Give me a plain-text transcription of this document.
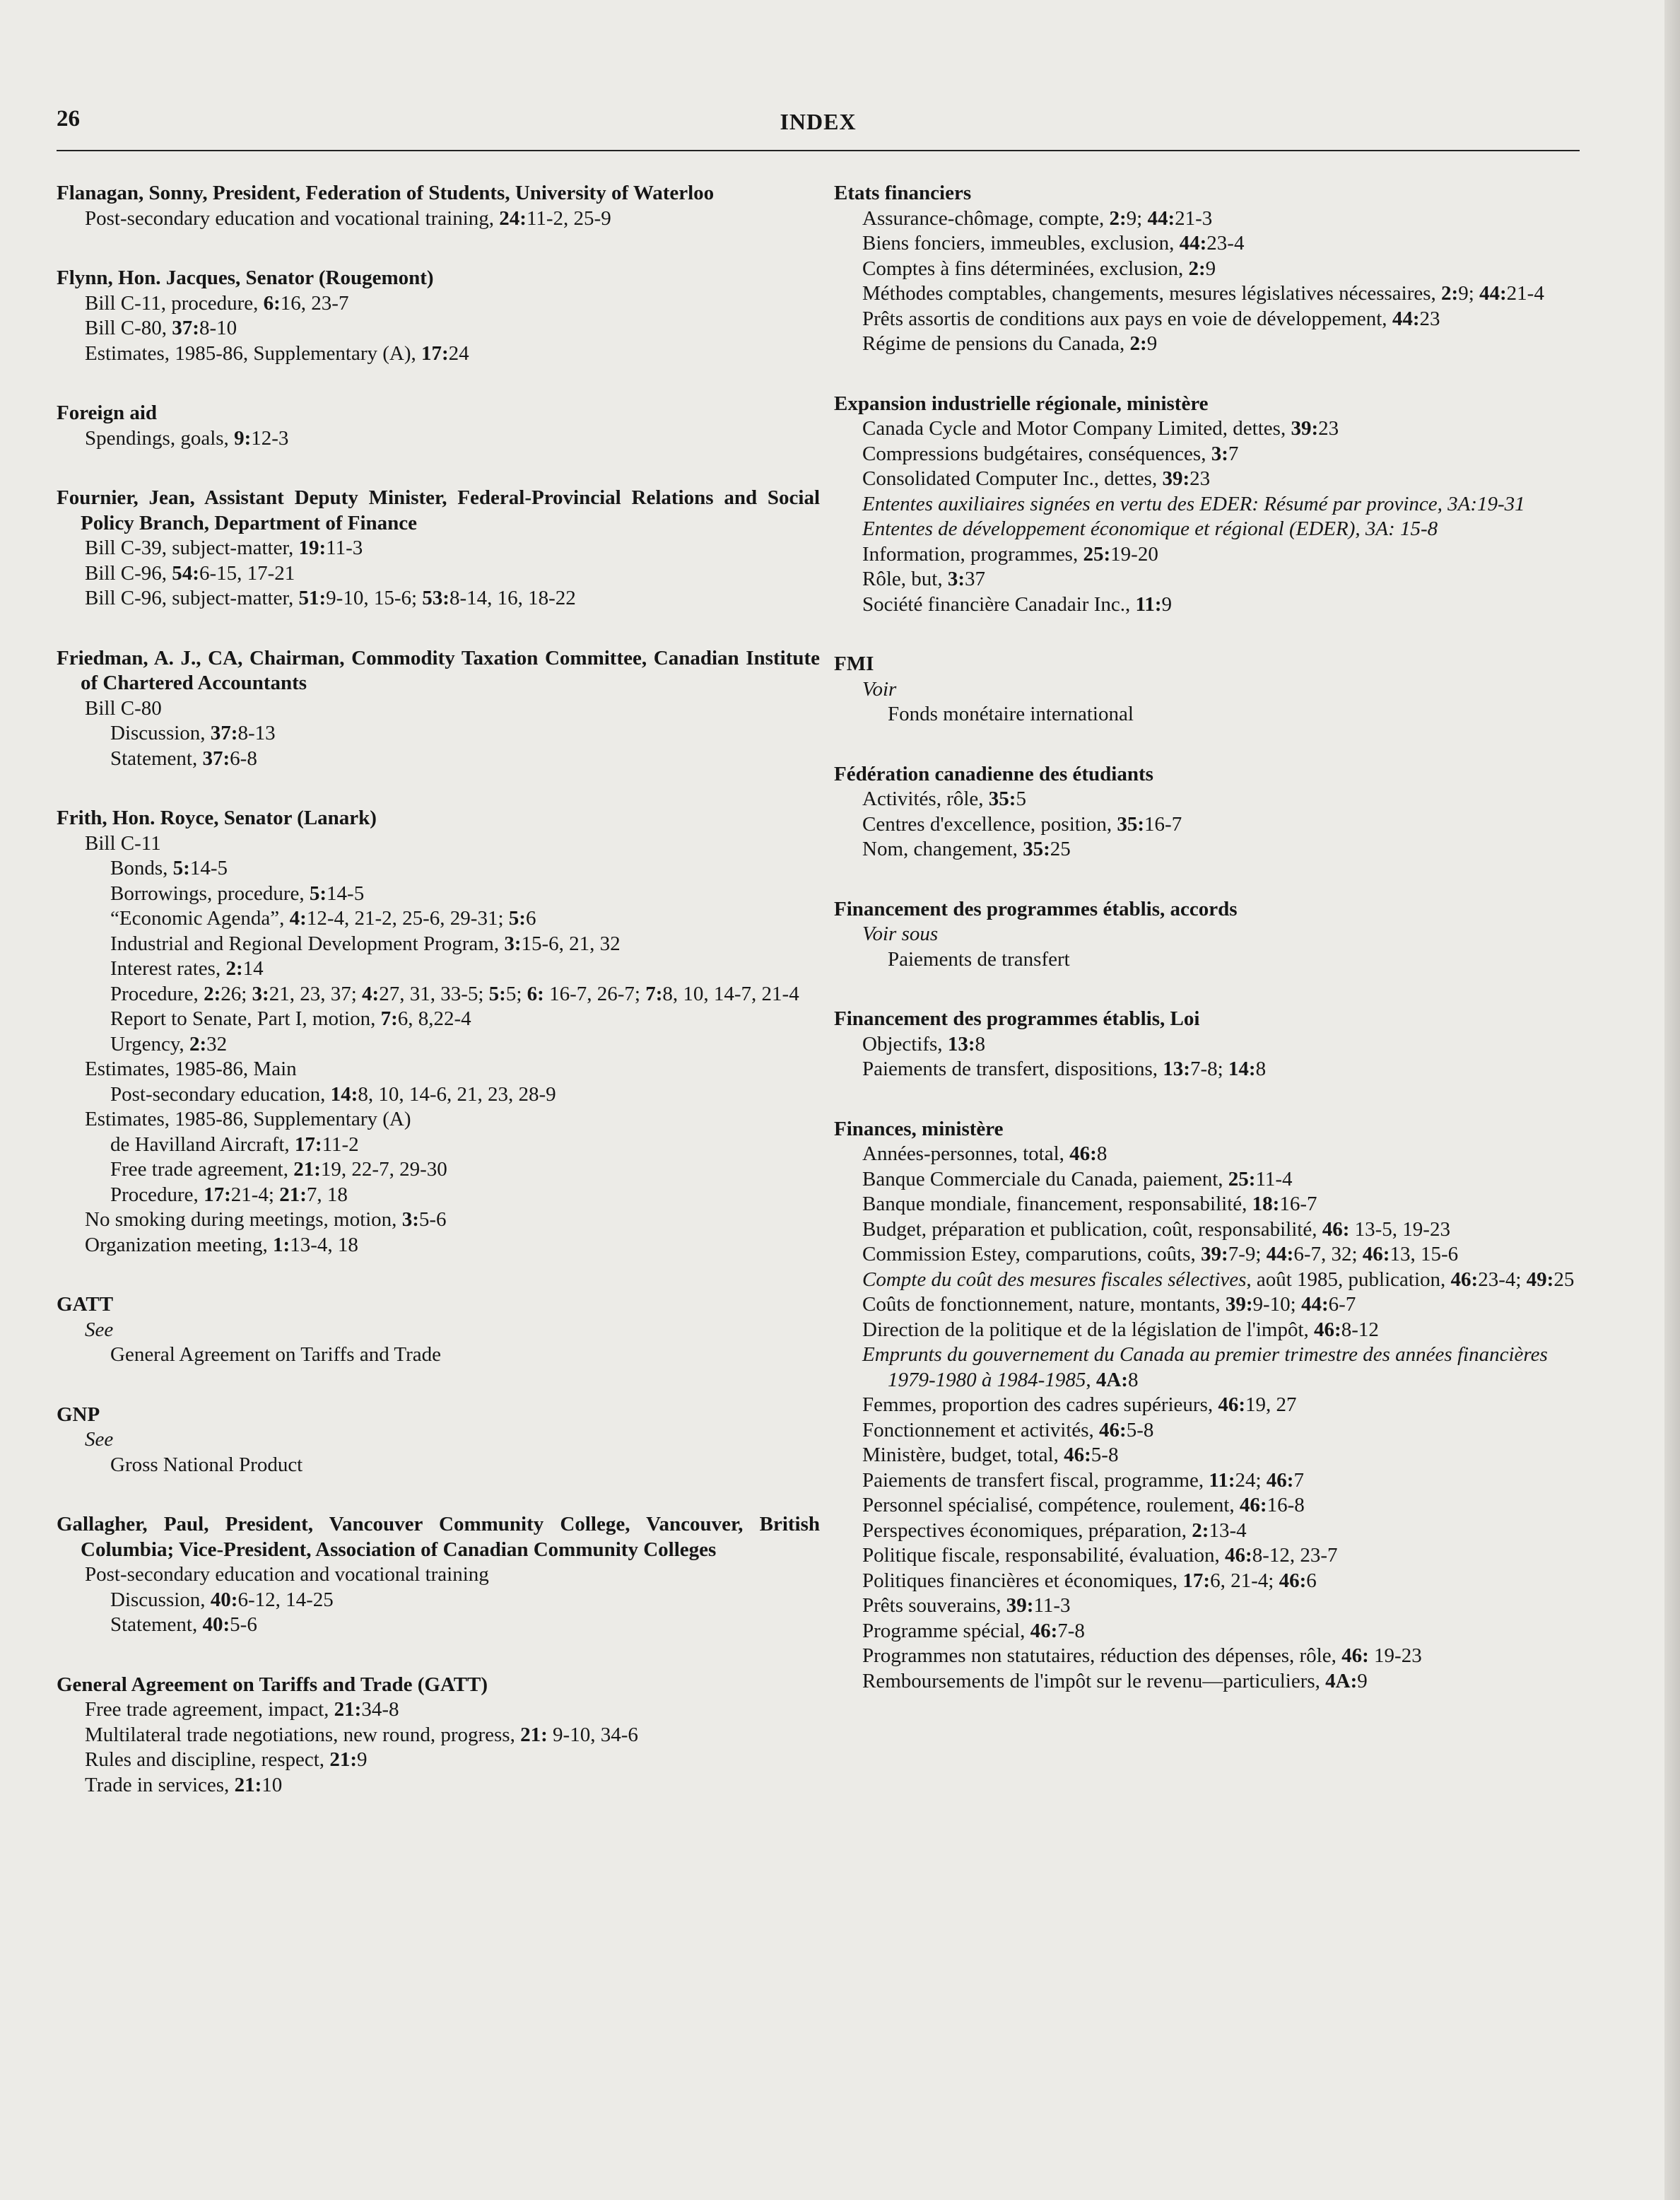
26	INDEX
Flanagan, Sonny, President, Federation of Students, University of Waterloo
Post-secondary education and vocational training, 24:11-2, 25-9
Flynn, Hon. Jacques, Senator (Rougemont)
Bill C-11, procedure, 6:16, 23-7
Bill C-80, 37:8-10
Estimates, 1985-86, Supplementary (A), 17:24
Foreign aid
Spendings, goals, 9:12-3
Fournier, Jean, Assistant Deputy Minister, Federal-Provincial Relations and Social Policy Branch, Department of Finance
Bill C-39, subject-matter, 19:11-3
Bill C-96, 54:6-15, 17-21
Bill C-96, subject-matter, 51:9-10, 15-6; 53:8-14, 16, 18-22
Friedman, A. J., CA, Chairman, Commodity Taxation Committee, Canadian Institute of Chartered Accountants
Bill C-80
Discussion, 37:8-13
Statement, 37:6-8
Frith, Hon. Royce, Senator (Lanark)
Bill C-11
Bonds, 5:14-5
Borrowings, procedure, 5:14-5
“Economic Agenda”, 4:12-4, 21-2, 25-6, 29-31; 5:6
Industrial and Regional Development Program, 3:15-6, 21, 32
Interest rates, 2:14
Procedure, 2:26; 3:21, 23, 37; 4:27, 31, 33-5; 5:5; 6: 16-7, 26-7; 7:8, 10, 14-7, 21-4
Report to Senate, Part I, motion, 7:6, 8,22-4
Urgency, 2:32
Estimates, 1985-86, Main
Post-secondary education, 14:8, 10, 14-6, 21, 23, 28-9
Estimates, 1985-86, Supplementary (A)
de Havilland Aircraft, 17:11-2
Free trade agreement, 21:19, 22-7, 29-30
Procedure, 17:21-4; 21:7, 18
No smoking during meetings, motion, 3:5-6
Organization meeting, 1:13-4, 18
GATT
See
General Agreement on Tariffs and Trade
GNP
See
Gross National Product
Gallagher, Paul, President, Vancouver Community College, Vancouver, British Columbia; Vice-President, Association of Canadian Community Colleges
Post-secondary education and vocational training
Discussion, 40:6-12, 14-25
Statement, 40:5-6
General Agreement on Tariffs and Trade (GATT)
Free trade agreement, impact, 21:34-8
Multilateral trade negotiations, new round, progress, 21: 9-10, 34-6
Rules and discipline, respect, 21:9
Trade in services, 21:10
Etats financiers
Assurance-chômage, compte, 2:9; 44:21-3
Biens fonciers, immeubles, exclusion, 44:23-4
Comptes à fins déterminées, exclusion, 2:9
Méthodes comptables, changements, mesures législatives nécessaires, 2:9; 44:21-4
Prêts assortis de conditions aux pays en voie de développement, 44:23
Régime de pensions du Canada, 2:9
Expansion industrielle régionale, ministère
Canada Cycle and Motor Company Limited, dettes, 39:23
Compressions budgétaires, conséquences, 3:7
Consolidated Computer Inc., dettes, 39:23
Ententes auxiliaires signées en vertu des EDER: Résumé par province, 3A:19-31
Ententes de développement économique et régional (EDER), 3A: 15-8
Information, programmes, 25:19-20
Rôle, but, 3:37
Société financière Canadair Inc., 11:9
FMI
Voir
Fonds monétaire international
Fédération canadienne des étudiants
Activités, rôle, 35:5
Centres d'excellence, position, 35:16-7
Nom, changement, 35:25
Financement des programmes établis, accords
Voir sous
Paiements de transfert
Financement des programmes établis, Loi
Objectifs, 13:8
Paiements de transfert, dispositions, 13:7-8; 14:8
Finances, ministère
Années-personnes, total, 46:8
Banque Commerciale du Canada, paiement, 25:11-4
Banque mondiale, financement, responsabilité, 18:16-7
Budget, préparation et publication, coût, responsabilité, 46: 13-5, 19-23
Commission Estey, comparutions, coûts, 39:7-9; 44:6-7, 32; 46:13, 15-6
Compte du coût des mesures fiscales sélectives, août 1985, publication, 46:23-4; 49:25
Coûts de fonctionnement, nature, montants, 39:9-10; 44:6-7
Direction de la politique et de la législation de l'impôt, 46:8-12
Emprunts du gouvernement du Canada au premier trimestre des années financières 1979-1980 à 1984-1985, 4A:8
Femmes, proportion des cadres supérieurs, 46:19, 27
Fonctionnement et activités, 46:5-8
Ministère, budget, total, 46:5-8
Paiements de transfert fiscal, programme, 11:24; 46:7
Personnel spécialisé, compétence, roulement, 46:16-8
Perspectives économiques, préparation, 2:13-4
Politique fiscale, responsabilité, évaluation, 46:8-12, 23-7
Politiques financières et économiques, 17:6, 21-4; 46:6
Prêts souverains, 39:11-3
Programme spécial, 46:7-8
Programmes non statutaires, réduction des dépenses, rôle, 46: 19-23
Remboursements de l'impôt sur le revenu—particuliers, 4A:9
